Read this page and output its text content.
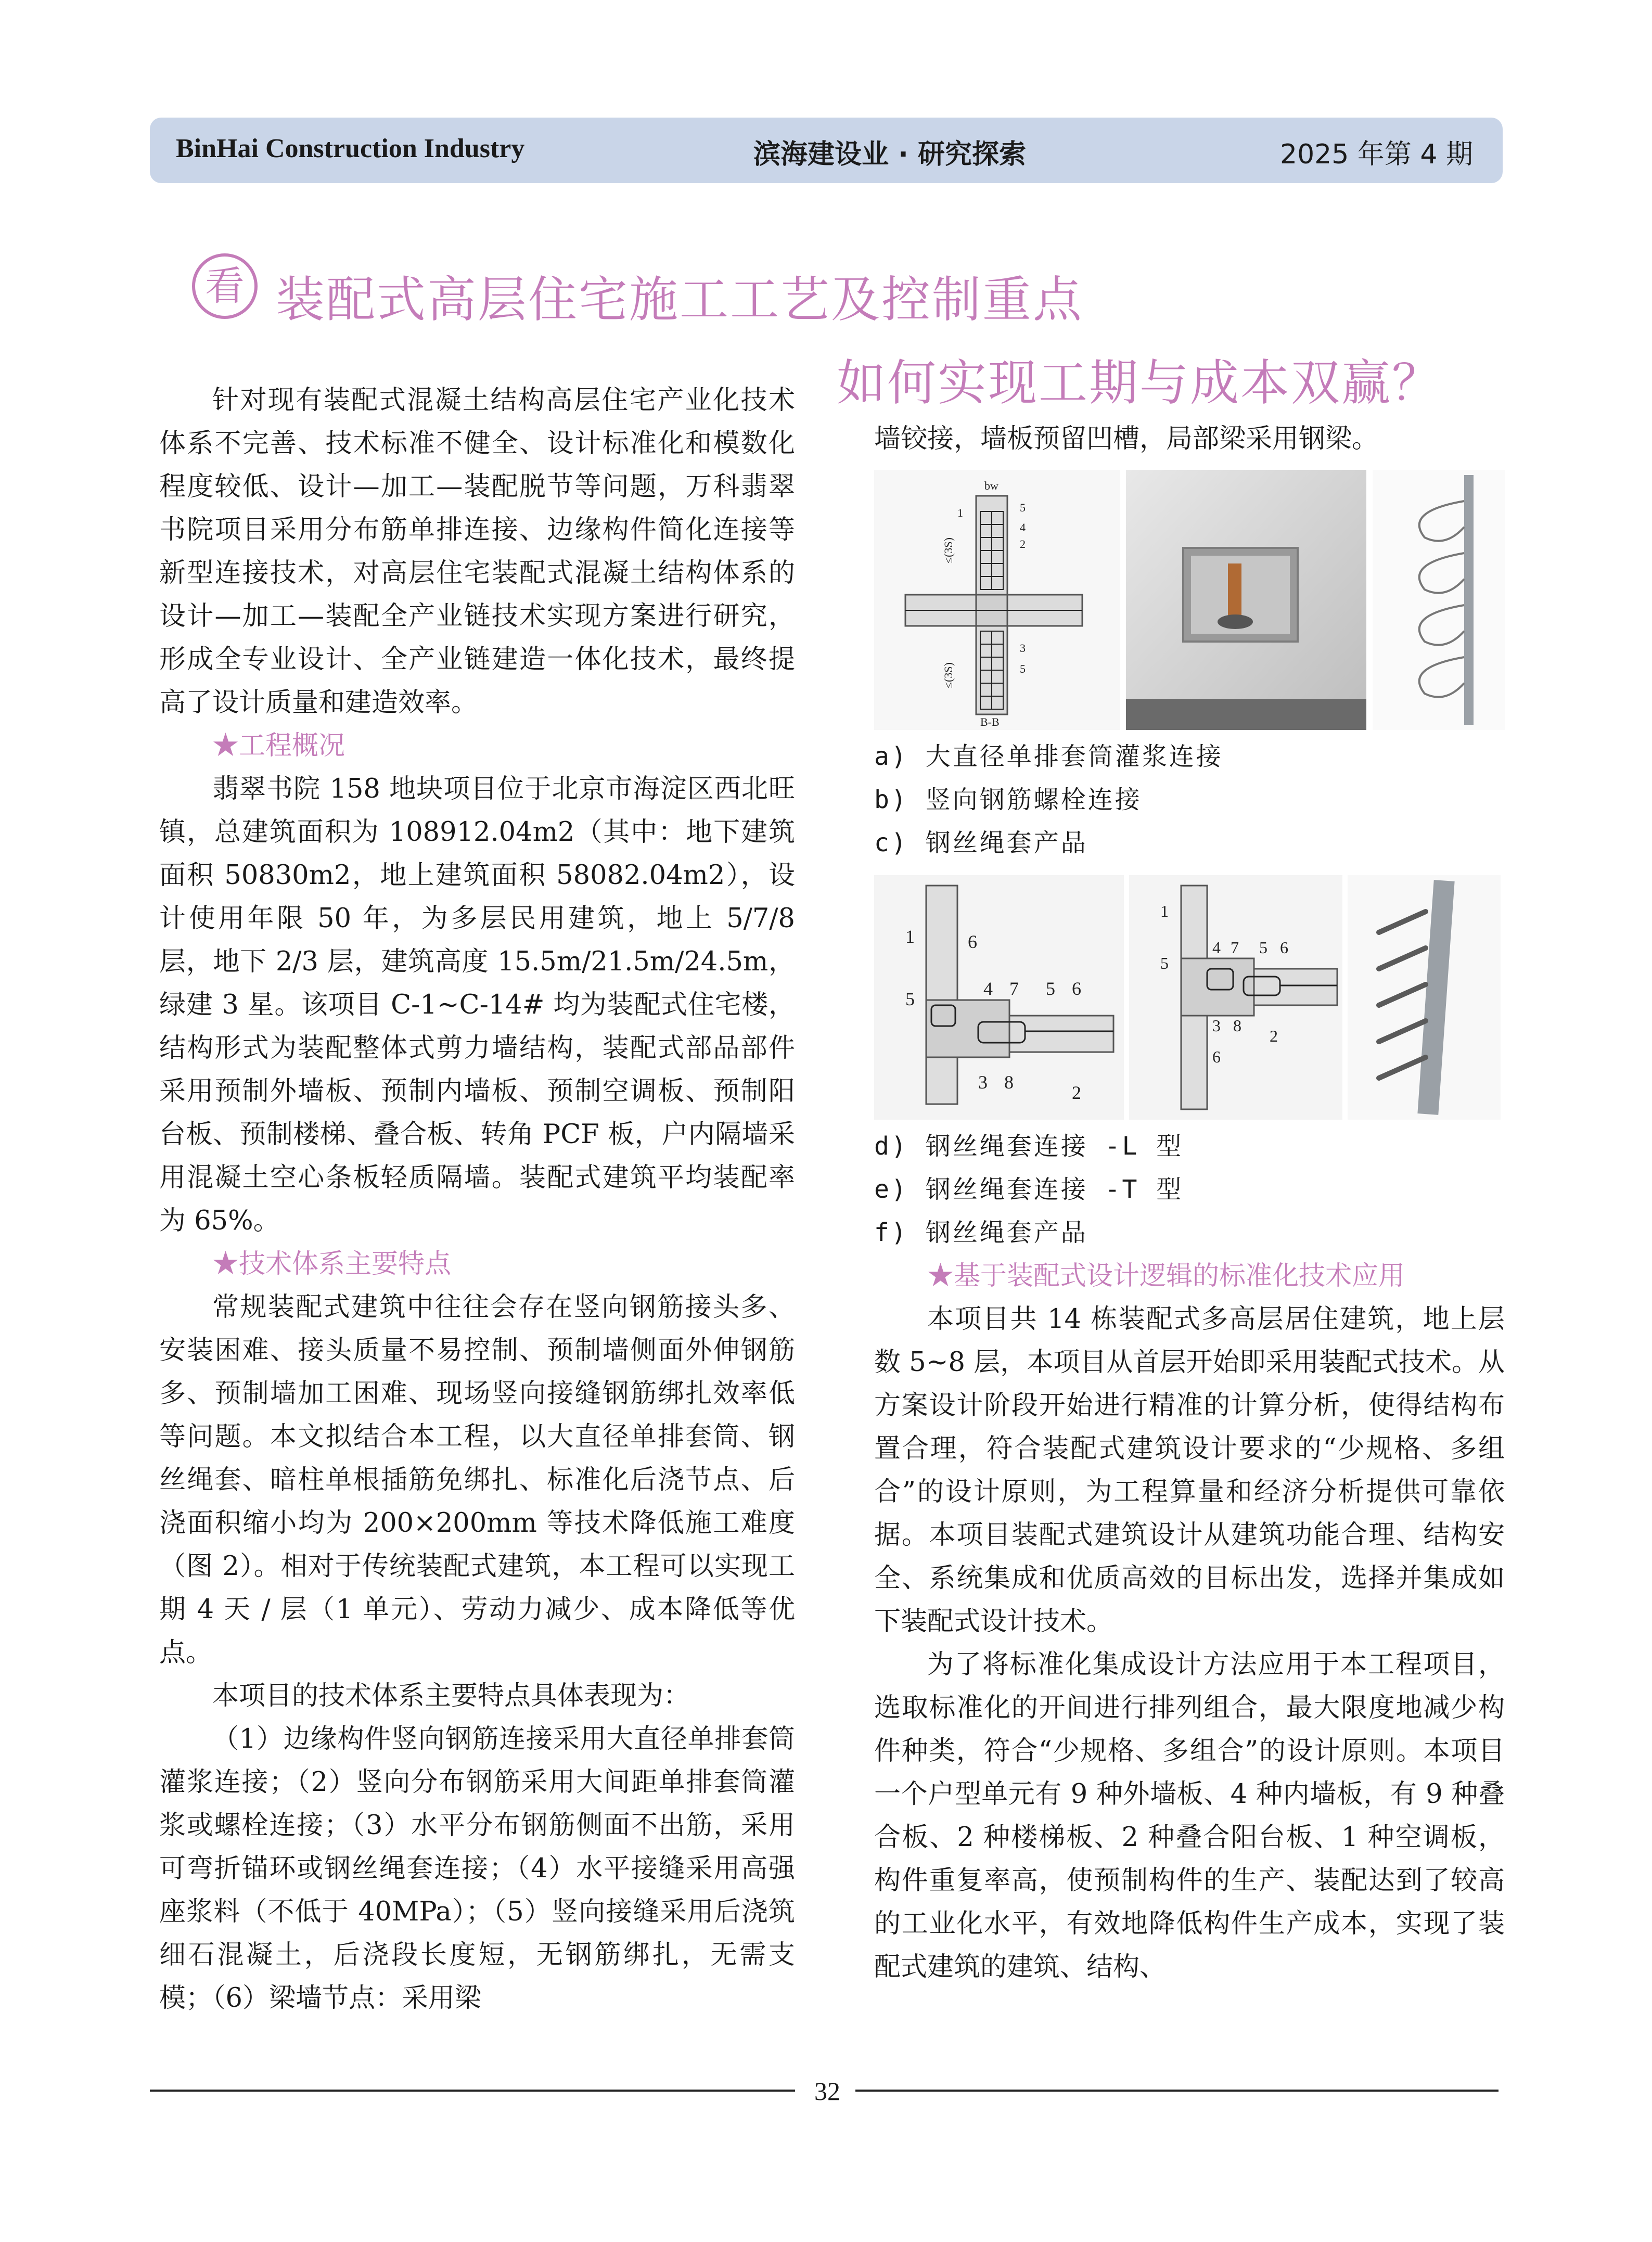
BinHai Construction Industry	滨海建设业 · 研究探索	2025 年第 4 期
看 装配式高层住宅施工工艺及控制重点
如何实现工期与成本双赢？

针对现有装配式混凝土结构高层住宅产业化技术体系不完善、技术标准不健全、设计标准化和模数化程度较低、设计—加工—装配脱节等问题，万科翡翠书院项目采用分布筋单排连接、边缘构件简化连接等新型连接技术，对高层住宅装配式混凝土结构体系的设计—加工—装配全产业链技术实现方案进行研究，形成全专业设计、全产业链建造一体化技术，最终提高了设计质量和建造效率。

★工程概况

翡翠书院 158 地块项目位于北京市海淀区西北旺镇，总建筑面积为 108912.04m2（其中：地下建筑面积 50830m2，地上建筑面积 58082.04m2），设计使用年限 50 年，为多层民用建筑，地上 5/7/8 层，地下 2/3 层，建筑高度 15.5m/21.5m/24.5m，绿建 3 星。该项目 C-1~C-14# 均为装配式住宅楼，结构形式为装配整体式剪力墙结构，装配式部品部件采用预制外墙板、预制内墙板、预制空调板、预制阳台板、预制楼梯、叠合板、转角 PCF 板，户内隔墙采用混凝土空心条板轻质隔墙。装配式建筑平均装配率为 65%。

★技术体系主要特点

常规装配式建筑中往往会存在竖向钢筋接头多、安装困难、接头质量不易控制、预制墙侧面外伸钢筋多、预制墙加工困难、现场竖向接缝钢筋绑扎效率低等问题。本文拟结合本工程，以大直径单排套筒、钢丝绳套、暗柱单根插筋免绑扎、标准化后浇节点、后浇面积缩小均为 200×200mm 等技术降低施工难度（图 2）。相对于传统装配式建筑，本工程可以实现工期 4 天 / 层（1 单元）、劳动力减少、成本降低等优点。

本项目的技术体系主要特点具体表现为：

（1）边缘构件竖向钢筋连接采用大直径单排套筒灌浆连接；（2）竖向分布钢筋采用大间距单排套筒灌浆或螺栓连接；（3）水平分布钢筋侧面不出筋，采用可弯折锚环或钢丝绳套连接；（4）水平接缝采用高强座浆料（不低于 40MPa）；（5）竖向接缝采用后浇筑细石混凝土，后浇段长度短，无钢筋绑扎，无需支模；（6）梁墙节点：采用梁

墙铰接，墙板预留凹槽，局部梁采用钢梁。

bw
1	5
4
2
3
5
≤(3S)
≤(3S)
B-B

a) 大直径单排套筒灌浆连接

b) 竖向钢筋螺栓连接

c) 钢丝绳套产品

1	6
5	4 7 5 6
3 8	2
1
5
4 7 5 6
3 8
2
6

d) 钢丝绳套连接 -L 型

e) 钢丝绳套连接 -T 型

f) 钢丝绳套产品

★基于装配式设计逻辑的标准化技术应用

本项目共 14 栋装配式多高层居住建筑，地上层数 5~8 层，本项目从首层开始即采用装配式技术。从方案设计阶段开始进行精准的计算分析，使得结构布置合理，符合装配式建筑设计要求的“少规格、多组合”的设计原则，为工程算量和经济分析提供可靠依据。本项目装配式建筑设计从建筑功能合理、结构安全、系统集成和优质高效的目标出发，选择并集成如下装配式设计技术。

为了将标准化集成设计方法应用于本工程项目，选取标准化的开间进行排列组合，最大限度地减少构件种类，符合“少规格、多组合”的设计原则。本项目一个户型单元有 9 种外墙板、4 种内墙板，有 9 种叠合板、2 种楼梯板、2 种叠合阳台板、1 种空调板，构件重复率高，使预制构件的生产、装配达到了较高的工业化水平，有效地降低构件生产成本，实现了装配式建筑的建筑、结构、

32
